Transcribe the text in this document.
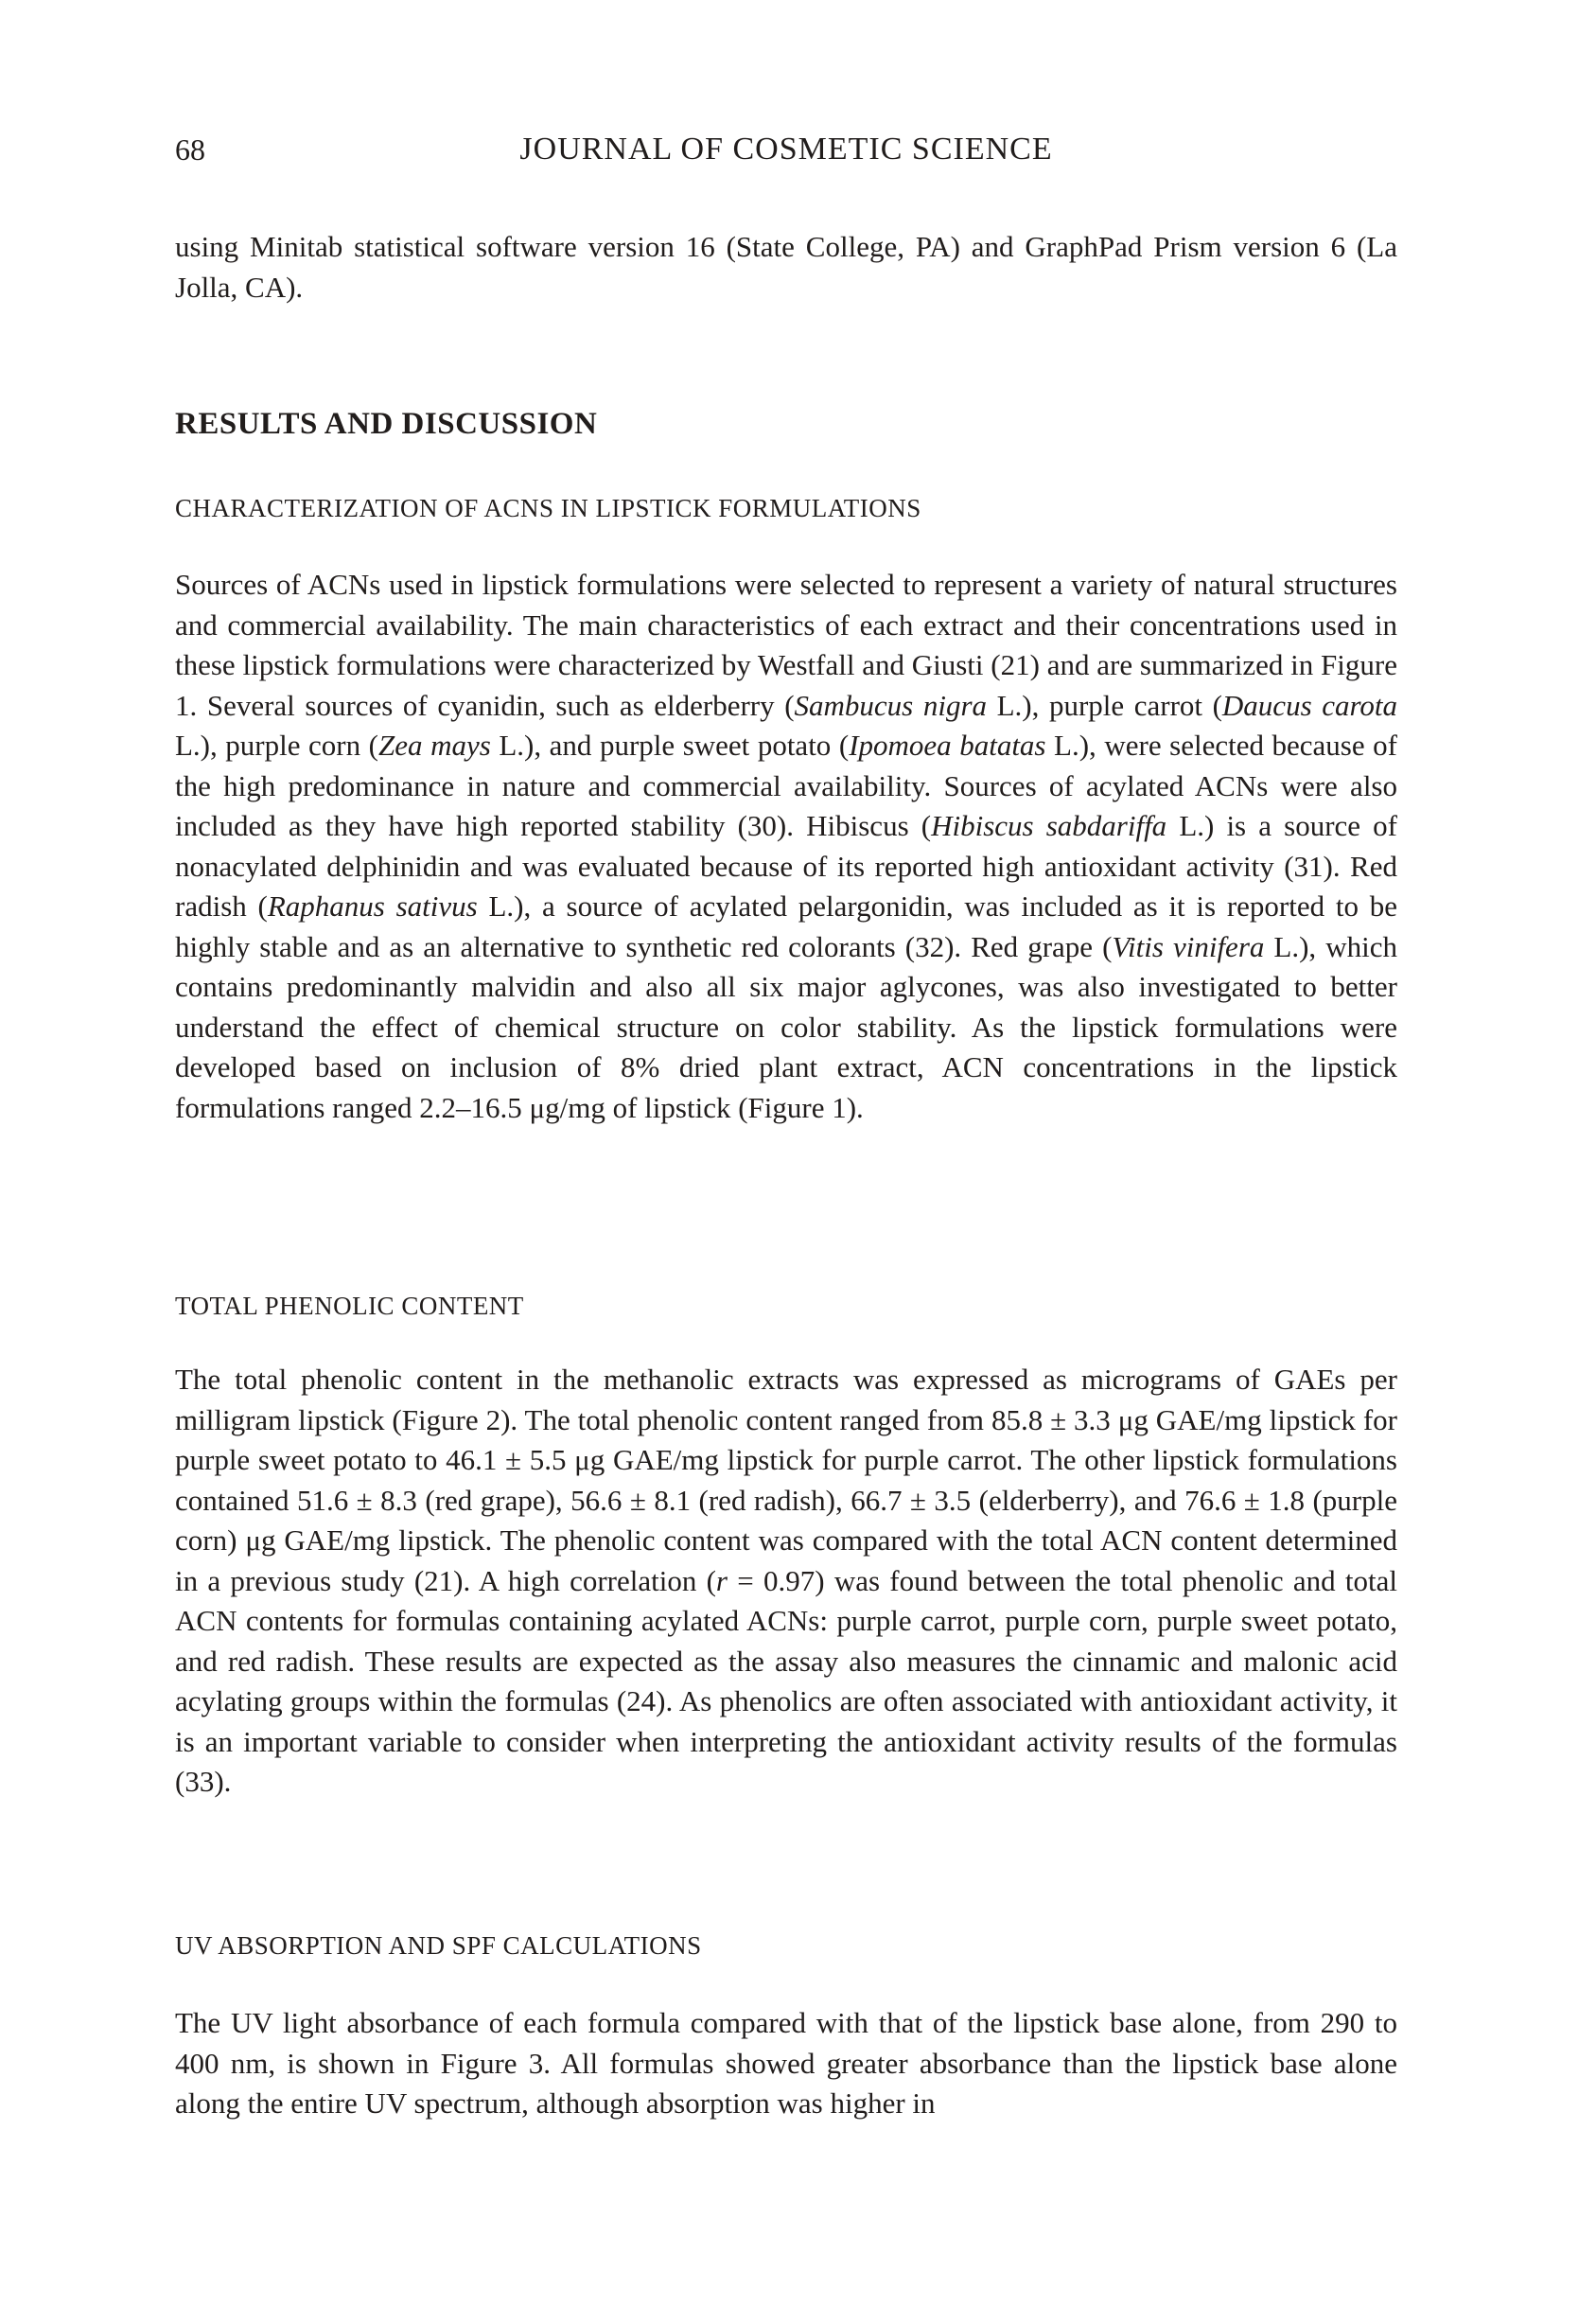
68	JOURNAL OF COSMETIC SCIENCE
using Minitab statistical software version 16 (State College, PA) and GraphPad Prism version 6 (La Jolla, CA).
RESULTS AND DISCUSSION
CHARACTERIZATION OF ACNS IN LIPSTICK FORMULATIONS
Sources of ACNs used in lipstick formulations were selected to represent a variety of natural structures and commercial availability. The main characteristics of each extract and their concentrations used in these lipstick formulations were characterized by Westfall and Giusti (21) and are summarized in Figure 1. Several sources of cyanidin, such as elderberry (Sambucus nigra L.), purple carrot (Daucus carota L.), purple corn (Zea mays L.), and purple sweet potato (Ipomoea batatas L.), were selected because of the high predominance in nature and commercial availability. Sources of acylated ACNs were also included as they have high reported stability (30). Hibiscus (Hibiscus sabdariffa L.) is a source of nonacylated delphinidin and was evaluated because of its reported high antioxidant activity (31). Red radish (Raphanus sativus L.), a source of acylated pelargonidin, was included as it is reported to be highly stable and as an alternative to synthetic red colorants (32). Red grape (Vitis vinifera L.), which contains predominantly malvidin and also all six major aglycones, was also investigated to better understand the effect of chemical structure on color stability. As the lipstick formulations were developed based on inclusion of 8% dried plant extract, ACN concentrations in the lipstick formulations ranged 2.2–16.5 μg/mg of lipstick (Figure 1).
TOTAL PHENOLIC CONTENT
The total phenolic content in the methanolic extracts was expressed as micrograms of GAEs per milligram lipstick (Figure 2). The total phenolic content ranged from 85.8 ± 3.3 μg GAE/mg lipstick for purple sweet potato to 46.1 ± 5.5 μg GAE/mg lipstick for purple carrot. The other lipstick formulations contained 51.6 ± 8.3 (red grape), 56.6 ± 8.1 (red radish), 66.7 ± 3.5 (elderberry), and 76.6 ± 1.8 (purple corn) μg GAE/mg lipstick. The phenolic content was compared with the total ACN content determined in a previous study (21). A high correlation (r = 0.97) was found between the total phenolic and total ACN contents for formulas containing acylated ACNs: purple carrot, purple corn, purple sweet potato, and red radish. These results are expected as the assay also measures the cinnamic and malonic acid acylating groups within the formulas (24). As phenolics are often associated with antioxidant activity, it is an important variable to consider when interpreting the antioxidant activity results of the formulas (33).
UV ABSORPTION AND SPF CALCULATIONS
The UV light absorbance of each formula compared with that of the lipstick base alone, from 290 to 400 nm, is shown in Figure 3. All formulas showed greater absorbance than the lipstick base alone along the entire UV spectrum, although absorption was higher in
